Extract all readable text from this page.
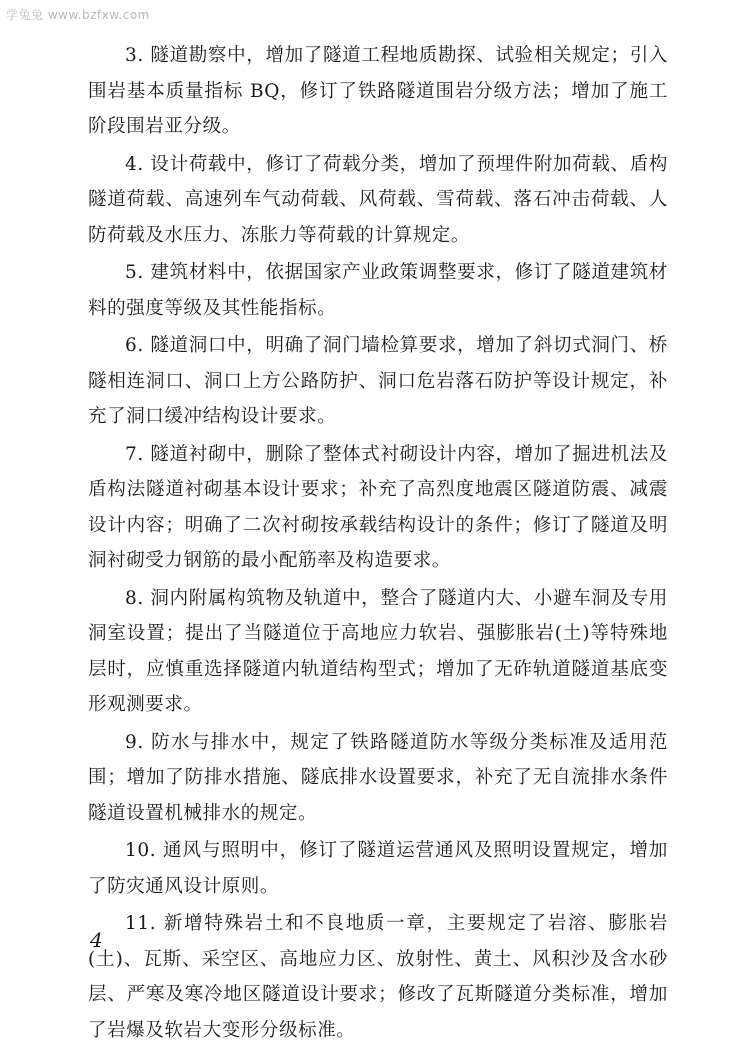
学兔兔 www.bzfxw.com

3. 隧道勘察中，增加了隧道工程地质勘探、试验相关规定；引入围岩基本质量指标 BQ，修订了铁路隧道围岩分级方法；增加了施工阶段围岩亚分级。

4. 设计荷载中，修订了荷载分类，增加了预埋件附加荷载、盾构隧道荷载、高速列车气动荷载、风荷载、雪荷载、落石冲击荷载、人防荷载及水压力、冻胀力等荷载的计算规定。

5. 建筑材料中，依据国家产业政策调整要求，修订了隧道建筑材料的强度等级及其性能指标。

6. 隧道洞口中，明确了洞门墙检算要求，增加了斜切式洞门、桥隧相连洞口、洞口上方公路防护、洞口危岩落石防护等设计规定，补充了洞口缓冲结构设计要求。

7. 隧道衬砌中，删除了整体式衬砌设计内容，增加了掘进机法及盾构法隧道衬砌基本设计要求；补充了高烈度地震区隧道防震、减震设计内容；明确了二次衬砌按承载结构设计的条件；修订了隧道及明洞衬砌受力钢筋的最小配筋率及构造要求。

8. 洞内附属构筑物及轨道中，整合了隧道内大、小避车洞及专用洞室设置；提出了当隧道位于高地应力软岩、强膨胀岩(土)等特殊地层时，应慎重选择隧道内轨道结构型式；增加了无砟轨道隧道基底变形观测要求。

9. 防水与排水中，规定了铁路隧道防水等级分类标准及适用范围；增加了防排水措施、隧底排水设置要求，补充了无自流排水条件隧道设置机械排水的规定。

10. 通风与照明中，修订了隧道运营通风及照明设置规定，增加了防灾通风设计原则。

11. 新增特殊岩土和不良地质一章，主要规定了岩溶、膨胀岩(土)、瓦斯、采空区、高地应力区、放射性、黄土、风积沙及含水砂层、严寒及寒冷地区隧道设计要求；修改了瓦斯隧道分类标准，增加了岩爆及软岩大变形分级标准。

4
